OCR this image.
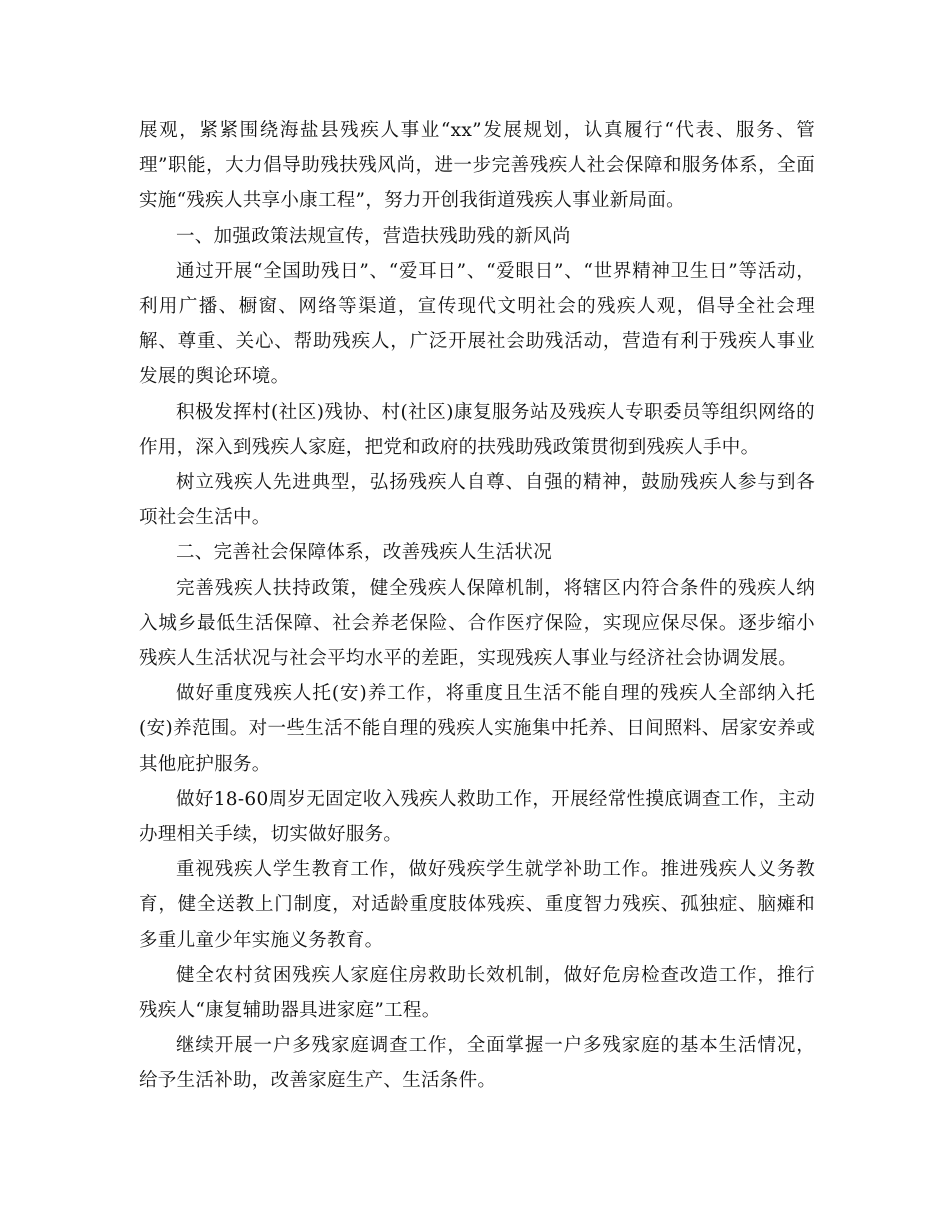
展观，紧紧围绕海盐县残疾人事业“xx”发展规划，认真履行“代表、服务、管理”职能，大力倡导助残扶残风尚，进一步完善残疾人社会保障和服务体系，全面实施“残疾人共享小康工程”，努力开创我街道残疾人事业新局面。

一、加强政策法规宣传，营造扶残助残的新风尚

通过开展“全国助残日”、“爱耳日”、“爱眼日”、“世界精神卫生日”等活动，利用广播、橱窗、网络等渠道，宣传现代文明社会的残疾人观，倡导全社会理解、尊重、关心、帮助残疾人，广泛开展社会助残活动，营造有利于残疾人事业发展的舆论环境。

积极发挥村(社区)残协、村(社区)康复服务站及残疾人专职委员等组织网络的作用，深入到残疾人家庭，把党和政府的扶残助残政策贯彻到残疾人手中。

树立残疾人先进典型，弘扬残疾人自尊、自强的精神，鼓励残疾人参与到各项社会生活中。

二、完善社会保障体系，改善残疾人生活状况

完善残疾人扶持政策，健全残疾人保障机制，将辖区内符合条件的残疾人纳入城乡最低生活保障、社会养老保险、合作医疗保险，实现应保尽保。逐步缩小残疾人生活状况与社会平均水平的差距，实现残疾人事业与经济社会协调发展。

做好重度残疾人托(安)养工作，将重度且生活不能自理的残疾人全部纳入托(安)养范围。对一些生活不能自理的残疾人实施集中托养、日间照料、居家安养或其他庇护服务。

做好18-60周岁无固定收入残疾人救助工作，开展经常性摸底调查工作，主动办理相关手续，切实做好服务。

重视残疾人学生教育工作，做好残疾学生就学补助工作。推进残疾人义务教育，健全送教上门制度，对适龄重度肢体残疾、重度智力残疾、孤独症、脑瘫和多重儿童少年实施义务教育。

健全农村贫困残疾人家庭住房救助长效机制，做好危房检查改造工作，推行残疾人“康复辅助器具进家庭”工程。

继续开展一户多残家庭调查工作，全面掌握一户多残家庭的基本生活情况，给予生活补助，改善家庭生产、生活条件。
